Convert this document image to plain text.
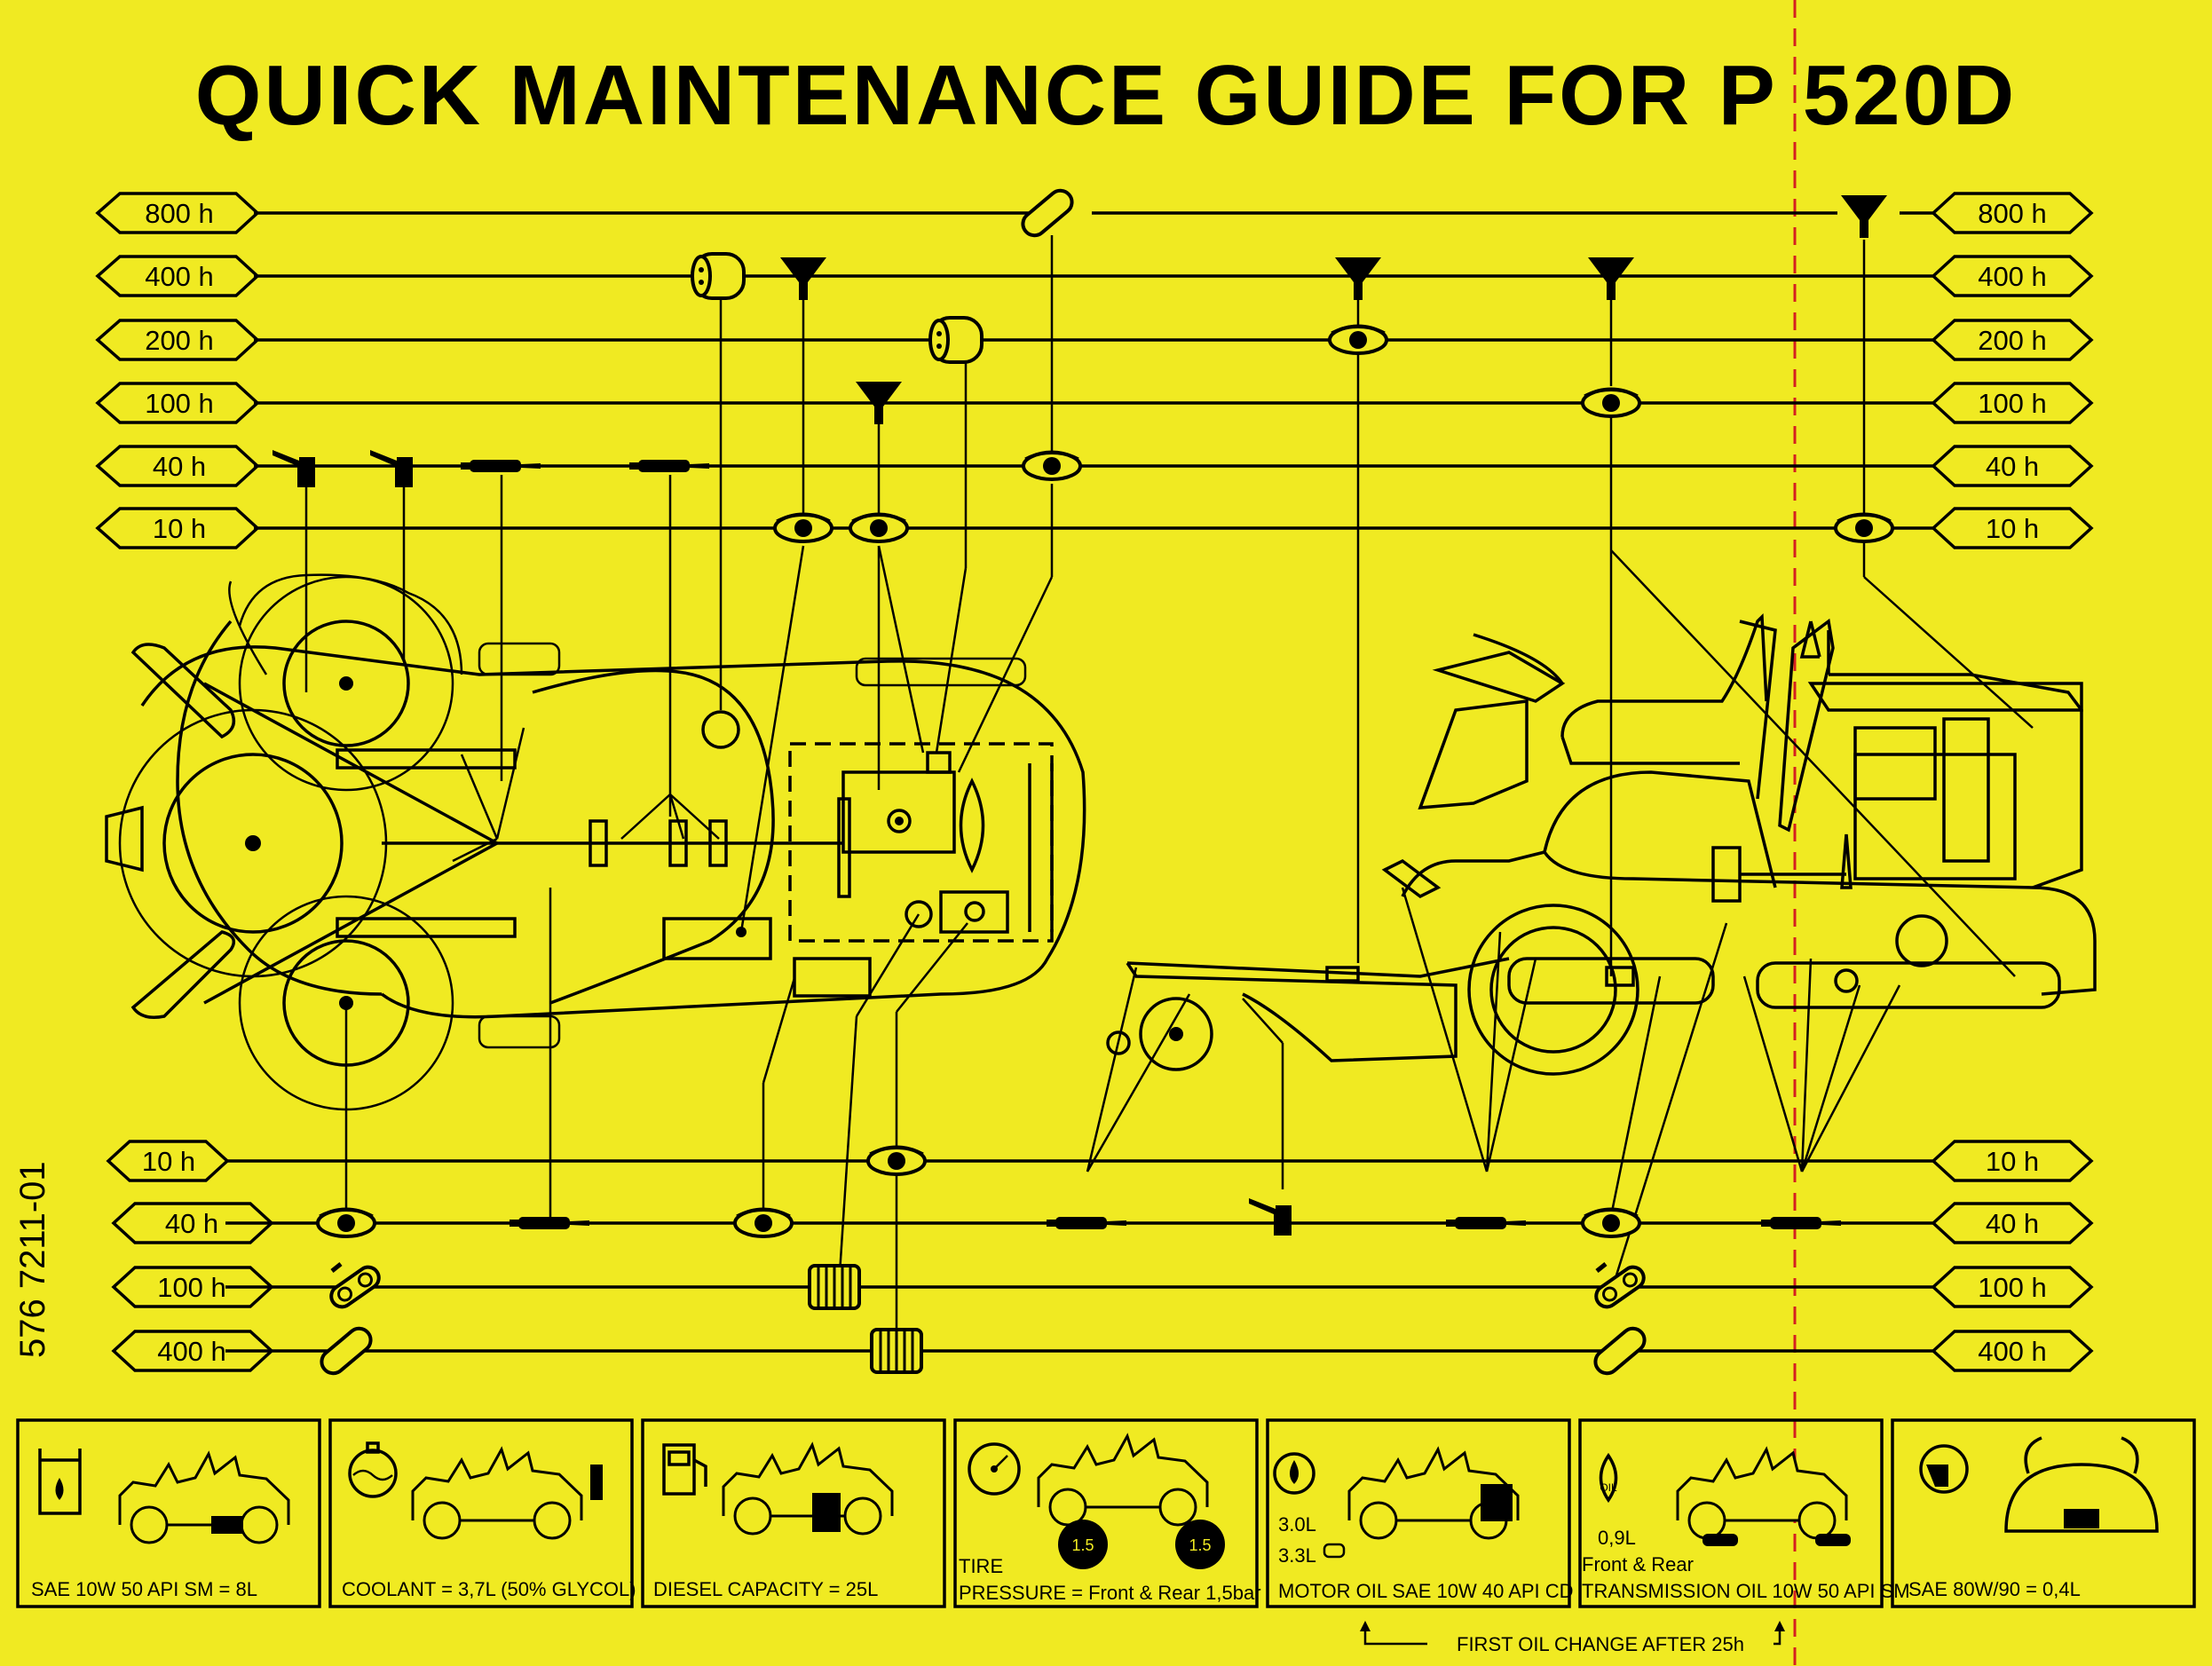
QUICK MAINTENANCE GUIDE FOR P 520D
800 h
400 h
200 h
100 h
40 h
10 h
800 h
400 h
200 h
100 h
40 h
10 h
10 h
40 h
100 h
400 h
10 h
40 h
100 h
400 h
576 7211-01
SAE 10W 50 API SM = 8L	COOLANT = 3,7L (50% GLYCOL) DIESEL CAPACITY = 25L
1.5	1.5
TIRE
PRESSURE = Front & Rear 1,5bar
3.0L
3.3L
MOTOR OIL SAE 10W 40 API CD
OIL
0,9L
Front & Rear
TRANSMISSION OIL 10W 50 API SM
SAE 80W/90 = 0,4L
FIRST OIL CHANGE AFTER 25h
